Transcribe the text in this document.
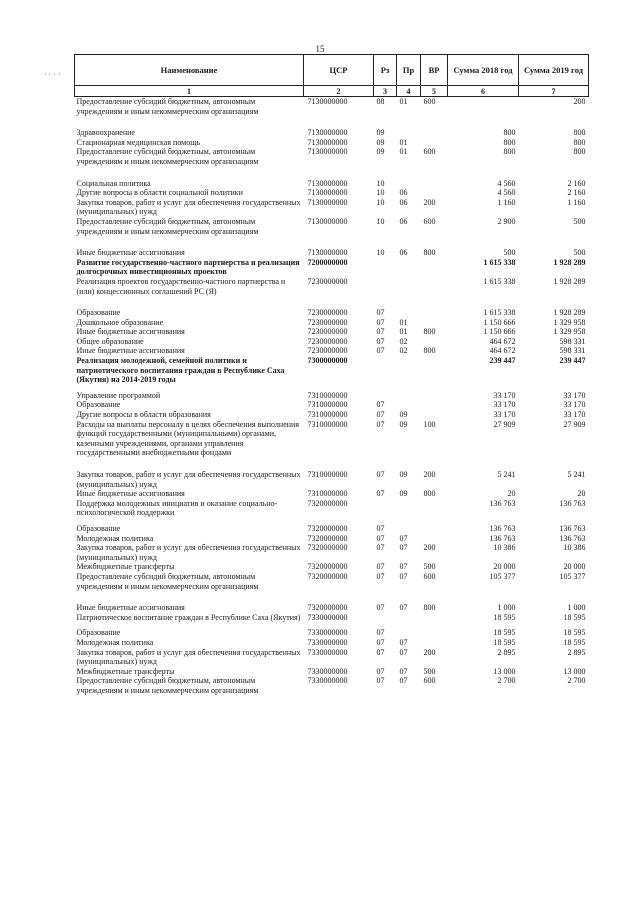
15
· · · ·	Наименование	ЦСР	Рз	Пр	ВР	Сумма 2018 год	Сумма 2019 год
1	2	3	4	5	6	7
Предоставление субсидий бюджетным, автономным учреждениям и иным некоммерческим организациям	7130000000	08	01	600		200

Здравоохранение	7130000000	09			800	800
Стационарная медицинская помощь	7130000000	09	01		800	800
Предоставление субсидий бюджетным, автономным учреждениям и иным некоммерческим организациям	7130000000	09	01	600	800	800

Социальная политика	7130000000	10			4 560	2 160
Другие вопросы в области социальной политики	7130000000	10	06		4 560	2 160
Закупка товаров, работ и услуг для обеспечения государственных (муниципальных) нужд	7130000000	10	06	200	1 160	1 160
Предоставление субсидий бюджетным, автономным учреждениям и иным некоммерческим организациям	7130000000	10	06	600	2 900	500

Иные бюджетные ассигнования	7130000000	10	06	800	500	500
Развитие государственно-частного партнерства и реализация долгосрочных инвестиционных проектов	7200000000				1 615 338	1 928 289
Реализация проектов государственно-частного партнерства и (или) концессионных соглашений РС (Я)	7230000000				1 615 338	1 928 289

Образование	7230000000	07			1 615 338	1 928 289
Дошкольное образование	7230000000	07	01		1 150 666	1 329 958
Иные бюджетные ассигнования	7230000000	07	01	800	1 150 666	1 329 958
Общее образование	7230000000	07	02		464 672	598 331
Иные бюджетные ассигнования	7230000000	07	02	800	464 672	598 331
Реализация молодежной, семейной политики и патриотического воспитания граждан в Республике Саха (Якутия) на 2014-2019 годы	7300000000				239 447	239 447

Управление программой	7310000000				33 170	33 170
Образование	7310000000	07			33 170	33 170
Другие вопросы в области образования	7310000000	07	09		33 170	33 170
Расходы на выплаты персоналу в целях обеспечения выполнения функций государственными (муниципальными) органами, казенными учреждениями, органами управления государственными внебюджетными фондами	7310000000	07	09	100	27 909	27 909

Закупка товаров, работ и услуг для обеспечения государственных (муниципальных) нужд	7310000000	07	09	200	5 241	5 241
Иные бюджетные ассигнования	7310000000	07	09	800	20	20
Поддержка молодежных инициатив и оказание социально-психологической поддержки	7320000000				136 763	136 763

Образование	7320000000	07			136 763	136 763
Молодежная политика	7320000000	07	07		136 763	136 763
Закупка товаров, работ и услуг для обеспечения государственных (муниципальных) нужд	7320000000	07	07	200	10 386	10 386
Межбюджетные трансферты	7320000000	07	07	500	20 000	20 000
Предоставление субсидий бюджетным, автономным учреждениям и иным некоммерческим организациям	7320000000	07	07	600	105 377	105 377

Иные бюджетные ассигнования	7320000000	07	07	800	1 000	1 000
Патриотическое воспитание граждан в Республике Саха (Якутия)	7330000000				18 595	18 595

Образование	7330000000	07			18 595	18 595
Молодежная политика	7330000000	07	07		18 595	18 595
Закупка товаров, работ и услуг для обеспечения государственных (муниципальных) нужд	7330000000	07	07	200	2 895	2 895
Межбюджетные трансферты	7330000000	07	07	500	13 000	13 000
Предоставление субсидий бюджетным, автономным учреждениям и иным некоммерческим организациям	7330000000	07	07	600	2 700	2 700
